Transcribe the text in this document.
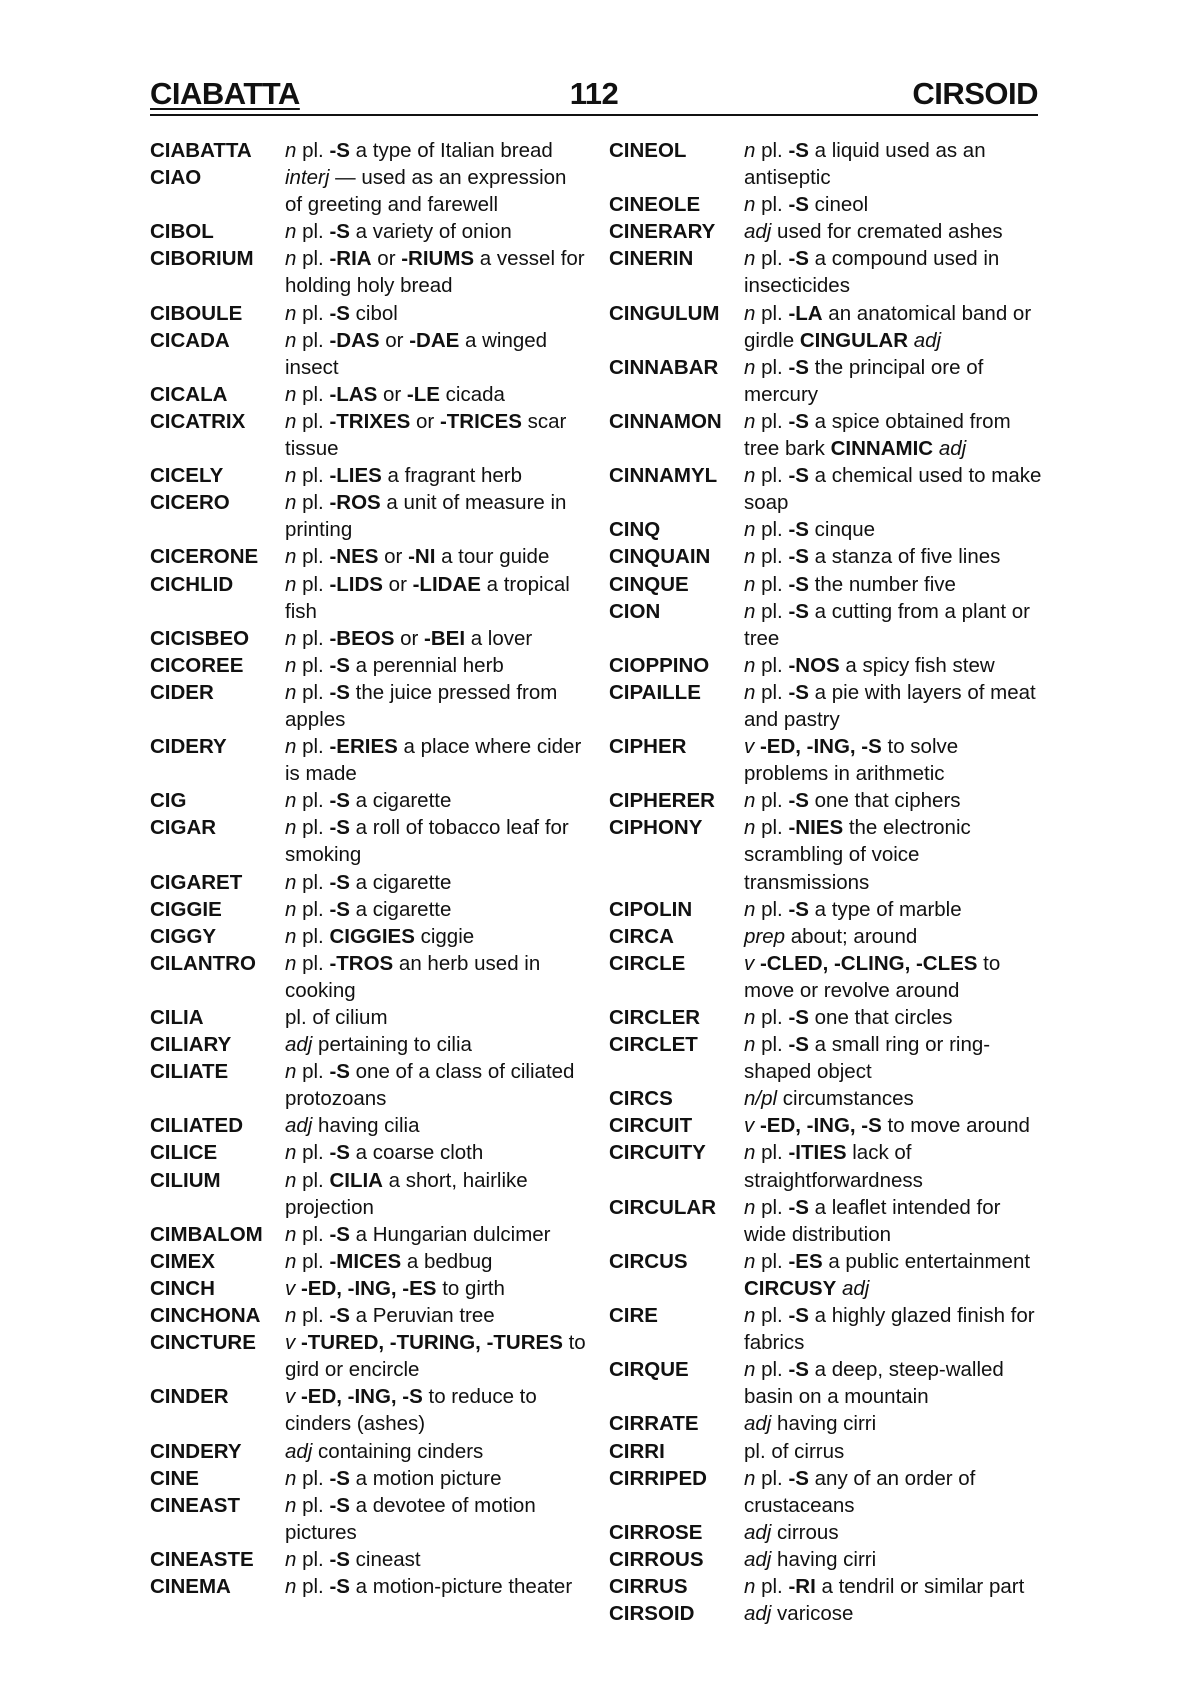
CIABATTA	112	CIRSOID
CIABATTA	n pl. -S a type of Italian bread
CIAO	interj — used as an expression of greeting and farewell
CIBOL	n pl. -S a variety of onion
CIBORIUM	n pl. -RIA or -RIUMS a vessel for holding holy bread
CIBOULE	n pl. -S cibol
CICADA	n pl. -DAS or -DAE a winged insect
CICALA	n pl. -LAS or -LE cicada
CICATRIX	n pl. -TRIXES or -TRICES scar tissue
CICELY	n pl. -LIES a fragrant herb
CICERO	n pl. -ROS a unit of measure in printing
CICERONE	n pl. -NES or -NI a tour guide
CICHLID	n pl. -LIDS or -LIDAE a tropical fish
CICISBEO	n pl. -BEOS or -BEI a lover
CICOREE	n pl. -S a perennial herb
CIDER	n pl. -S the juice pressed from apples
CIDERY	n pl. -ERIES a place where cider is made
CIG	n pl. -S a cigarette
CIGAR	n pl. -S a roll of tobacco leaf for smoking
CIGARET	n pl. -S a cigarette
CIGGIE	n pl. -S a cigarette
CIGGY	n pl. CIGGIES ciggie
CILANTRO	n pl. -TROS an herb used in cooking
CILIA	pl. of cilium
CILIARY	adj pertaining to cilia
CILIATE	n pl. -S one of a class of ciliated protozoans
CILIATED	adj having cilia
CILICE	n pl. -S a coarse cloth
CILIUM	n pl. CILIA a short, hairlike projection
CIMBALOM	n pl. -S a Hungarian dulcimer
CIMEX	n pl. -MICES a bedbug
CINCH	v -ED, -ING, -ES to girth
CINCHONA	n pl. -S a Peruvian tree
CINCTURE	v -TURED, -TURING, -TURES to gird or encircle
CINDER	v -ED, -ING, -S to reduce to cinders (ashes)
CINDERY	adj containing cinders
CINE	n pl. -S a motion picture
CINEAST	n pl. -S a devotee of motion pictures
CINEASTE	n pl. -S cineast
CINEMA	n pl. -S a motion-picture theater
CINEOL	n pl. -S a liquid used as an antiseptic
CINEOLE	n pl. -S cineol
CINERARY	adj used for cremated ashes
CINERIN	n pl. -S a compound used in insecticides
CINGULUM	n pl. -LA an anatomical band or girdle CINGULAR adj
CINNABAR	n pl. -S the principal ore of mercury
CINNAMON	n pl. -S a spice obtained from tree bark CINNAMIC adj
CINNAMYL	n pl. -S a chemical used to make soap
CINQ	n pl. -S cinque
CINQUAIN	n pl. -S a stanza of five lines
CINQUE	n pl. -S the number five
CION	n pl. -S a cutting from a plant or tree
CIOPPINO	n pl. -NOS a spicy fish stew
CIPAILLE	n pl. -S a pie with layers of meat and pastry
CIPHER	v -ED, -ING, -S to solve problems in arithmetic
CIPHERER	n pl. -S one that ciphers
CIPHONY	n pl. -NIES the electronic scrambling of voice transmissions
CIPOLIN	n pl. -S a type of marble
CIRCA	prep about; around
CIRCLE	v -CLED, -CLING, -CLES to move or revolve around
CIRCLER	n pl. -S one that circles
CIRCLET	n pl. -S a small ring or ring-shaped object
CIRCS	n/pl circumstances
CIRCUIT	v -ED, -ING, -S to move around
CIRCUITY	n pl. -ITIES lack of straightforwardness
CIRCULAR	n pl. -S a leaflet intended for wide distribution
CIRCUS	n pl. -ES a public entertainment CIRCUSY adj
CIRE	n pl. -S a highly glazed finish for fabrics
CIRQUE	n pl. -S a deep, steep-walled basin on a mountain
CIRRATE	adj having cirri
CIRRI	pl. of cirrus
CIRRIPED	n pl. -S any of an order of crustaceans
CIRROSE	adj cirrous
CIRROUS	adj having cirri
CIRRUS	n pl. -RI a tendril or similar part
CIRSOID	adj varicose
